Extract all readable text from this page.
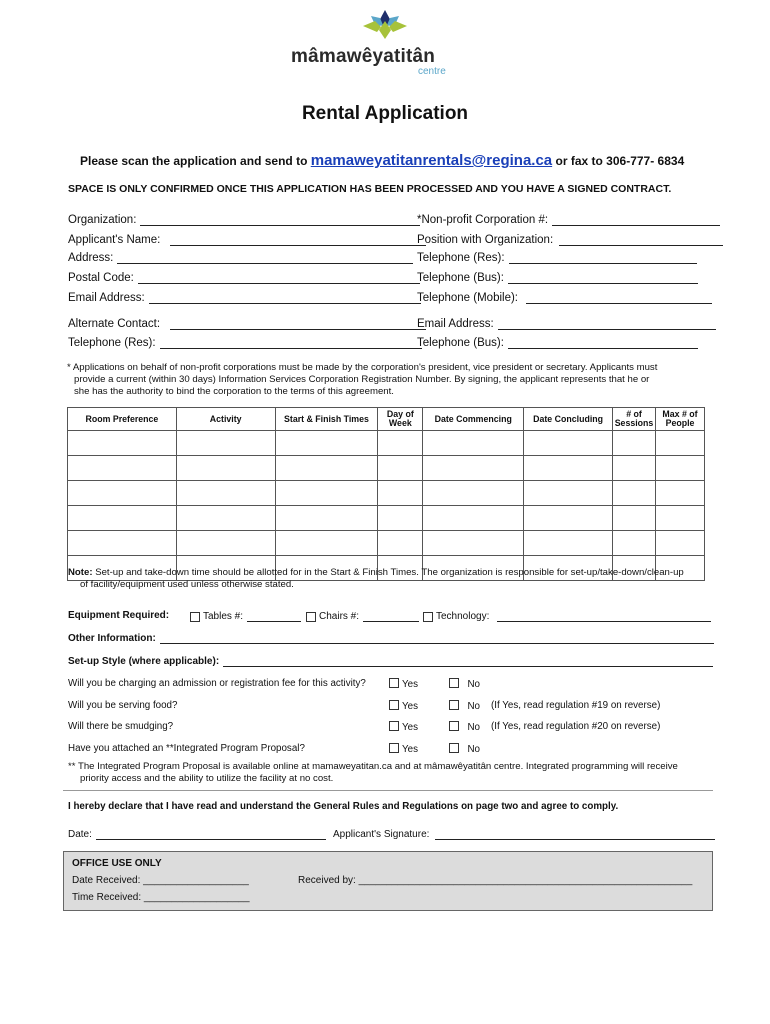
mâmawêyatitân
centre
Rental Application
Please scan the application and send to mamaweyatitanrentals@regina.ca or fax to 306-777- 6834
SPACE IS ONLY CONFIRMED ONCE THIS APPLICATION HAS BEEN PROCESSED AND YOU HAVE A SIGNED CONTRACT.
Organization:	*Non-profit Corporation #:
Applicant's Name:	Position with Organization:
Address:	Telephone (Res):
Postal Code:	Telephone (Bus):
Email Address:	Telephone (Mobile):
Alternate Contact:	Email Address:
Telephone (Res):	Telephone (Bus):
* Applications on behalf of non-profit corporations must be made by the corporation's president, vice president or secretary. Applicants must
provide a current (within 30 days) Information Services Corporation Registration Number. By signing, the applicant represents that he or
she has the authority to bind the corporation to the terms of this agreement.
Room Preference	Activity	Start & Finish Times	Day of Week	Date Commencing	Date Concluding	# of Sessions	Max # of People

Note: Set-up and take-down time should be allotted for in the Start & Finish Times. The organization is responsible for set-up/take-down/clean-up
of facility/equipment used unless otherwise stated.
Equipment Required:	Tables #:	Chairs #:	Technology:
Other Information:
Set-up Style (where applicable):
Will you be charging an admission or registration fee for this activity?	Yes	No
Will you be serving food?	Yes	No (If Yes, read regulation #19 on reverse)
Will there be smudging?	Yes	No (If Yes, read regulation #20 on reverse)
Have you attached an **Integrated Program Proposal?	Yes	No
** The Integrated Program Proposal is available online at mamaweyatitan.ca and at mâmawêyatitân centre. Integrated programming will receive
priority access and the ability to utilize the facility at no cost.
I hereby declare that I have read and understand the General Rules and Regulations on page two and agree to comply.
Date:	Applicant's Signature:
OFFICE USE ONLY
Date Received: ___________________	Received by: ____________________________________________________________
Time Received: ___________________
